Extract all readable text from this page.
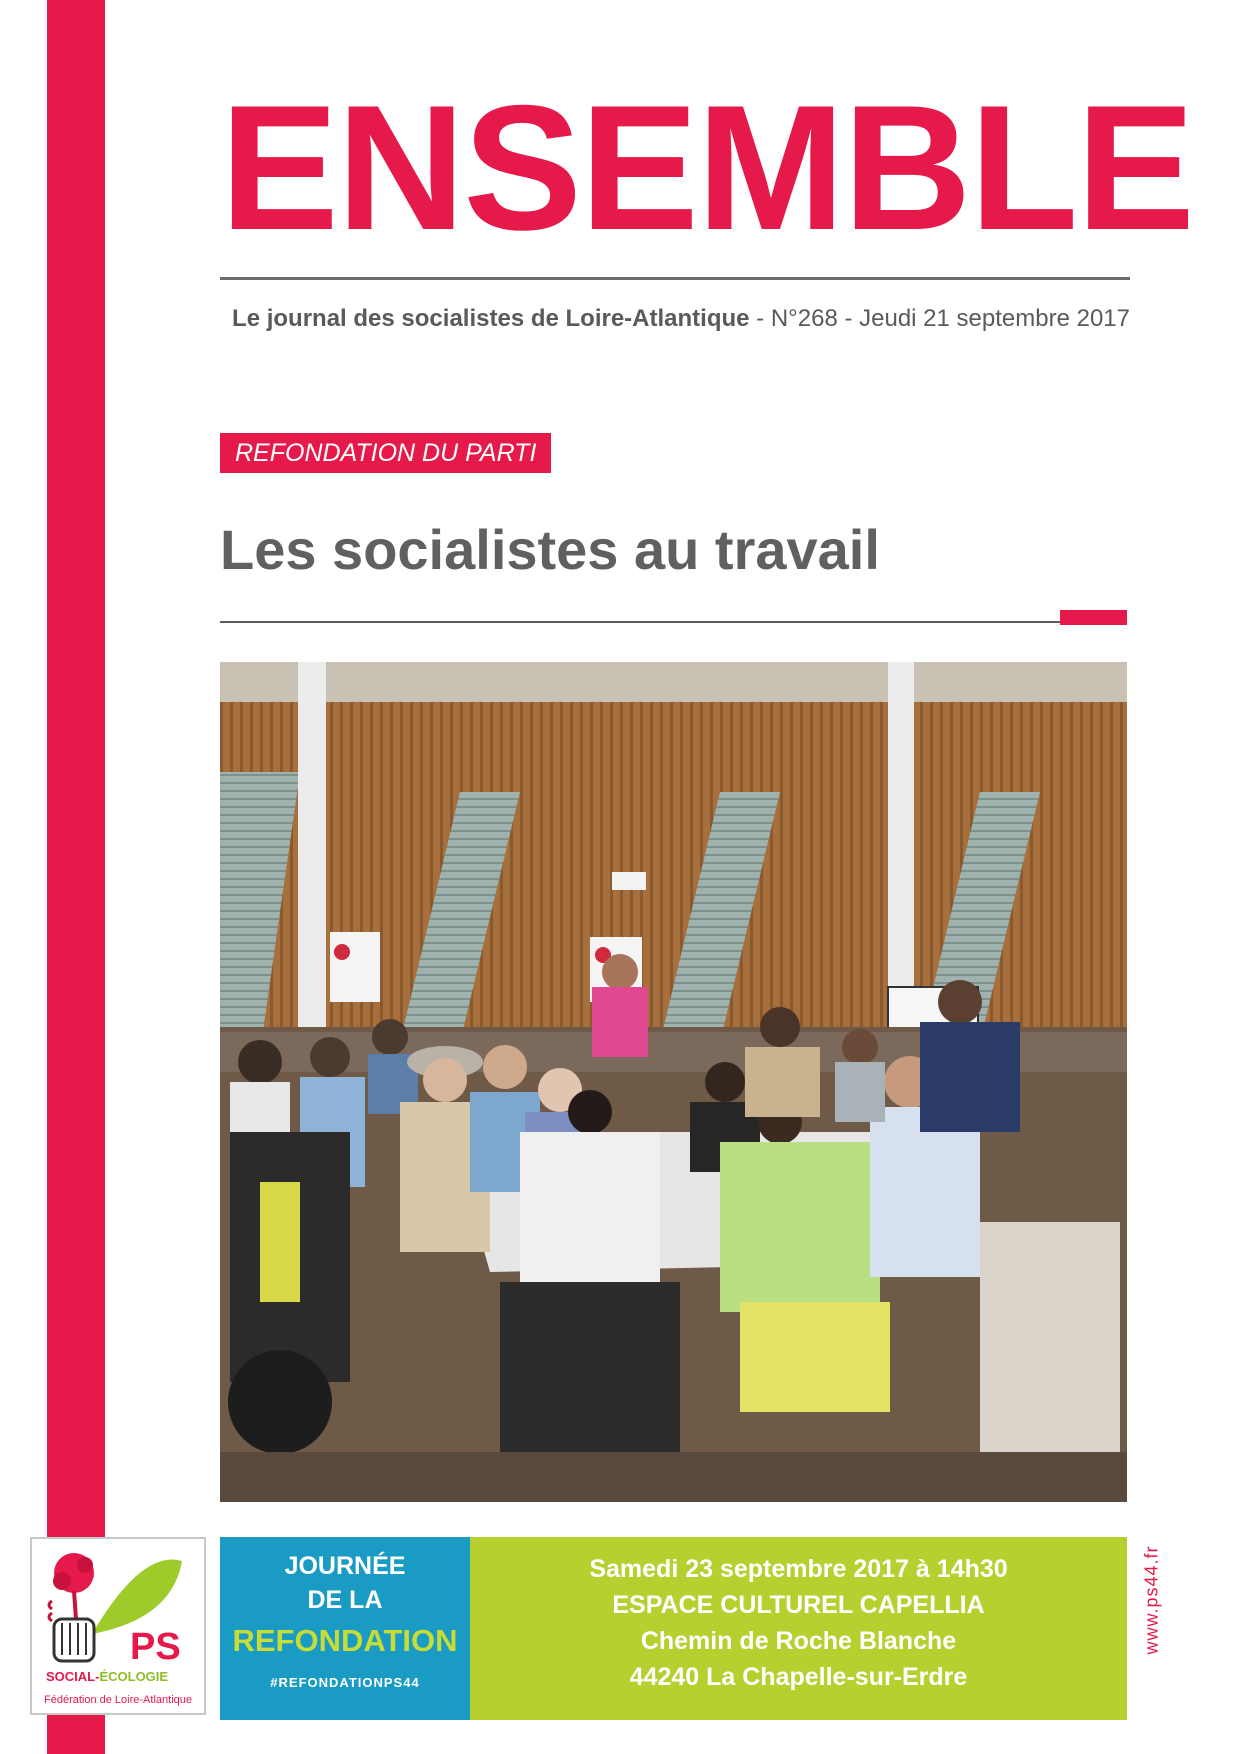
ENSEMBLE
Le journal des socialistes de Loire-Atlantique - N°268 - Jeudi 21 septembre 2017
REFONDATION DU PARTI
Les socialistes au travail
PS
SOCIAL-ÉCOLOGIE
Fédération de Loire-Atlantique
JOURNÉE
DE LA
REFONDATION
#REFONDATIONPS44
Samedi 23 septembre 2017 à 14h30
ESPACE CULTUREL CAPELLIA
Chemin de Roche Blanche
44240 La Chapelle-sur-Erdre
www.ps44.fr
